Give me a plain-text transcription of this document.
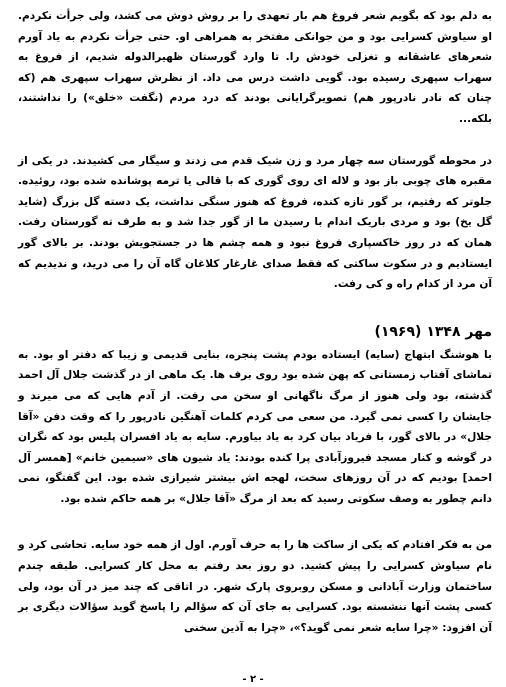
به دلم بود که بگویم شعر فروغ هم بار تعهدی را بر روش دوش می کشد، ولی جرأت نکردم. او سیاوش کسرایی بود و من جوانکی مفتخر به همراهی او. حتی جرأت نکردم به یاد آورم شعرهای عاشقانه و تغزلی خودش را. تا وارد گورستان ظهیرالدوله شدیم، از فروغ به سهراب سپهری رسیده بود. گویی داشت درس می داد. از نظرش سهراب سپهری هم (که چنان که نادر نادرپور هم) تصویرگرایانی بودند که درد مردم (نگفت «خلق») را نداشتند، بلکه...

در محوطه گورستان سه چهار مرد و زن شیک قدم می زدند و سیگار می کشیدند. در یکی از مقبره های چوبی باز بود و لاله ای روی گوری که با قالی یا ترمه پوشانده شده بود، روئیده. جلوتر که رفتیم، بر گور تازه کنده، فروغ که هنوز سنگی نداشت، یک دسته گل بزرگ (شاید گل یخ) بود و مردی باریک اندام با رسیدن ما از گور جدا شد و به طرف ته گورستان رفت. همان که در روز خاکسپاری فروغ نبود و همه چشم ها در جستجویش بودند. بر بالای گور ایستادیم و در سکوت ساکتی که فقط صدای غارغار کلاغان گاه آن را می درید، و ندیدیم که آن مرد از کدام راه و کی رفت.

مهر ۱۳۴۸ (۱۹۶۹)

با هوشنگ ابتهاج (سایه) ایستاده بودم پشت پنجره، بنایی قدیمی و زیبا که دفتر او بود. به تماشای آفتاب زمستانی که پهن شده بود روی برف ها. یک ماهی از در گذشت جلال آل احمد گذشته، بود ولی هنوز از مرگ ناگهانی او سخن می رفت. از آدم هایی که می میرند و جایشان را کسی نمی گیرد. من سعی می کردم کلمات آهنگین نادرپور را که وقت دفن «آقا جلال» در بالای گور، با فریاد بیان کرد به یاد بیاورم. سایه به یاد افسران پلیس بود که نگران در گوشه و کنار مسجد فیروزآبادی پرا کنده بودند: یاد شیون های «سیمین خانم» [همسر آل احمد] بودیم که در آن روزهای سخت، لهجه اش بیشتر شیرازی شده بود. این گفتگو، نمی دانم چطور به وصف سکوتی رسید که بعد از مرگ «آقا جلال» بر همه حاکم شده بود.

من به فکر افتادم که یکی از ساکت ها را به حرف آورم. اول از همه خود سایه. تحاشی کرد و نام سیاوش کسرایی را پیش کشید. دو روز بعد رفتم به محل کار کسرایی. طبقه چندم ساختمان وزارت آبادانی و مسکن روبروی پارک شهر. در اتاقی که چند میز در آن بود، ولی کسی پشت آنها ننشسته بود. کسرایی به جای آن که سؤالم را پاسخ گوید سؤالات دیگری بر آن افزود: «چرا سایه شعر نمی گوید؟»، «چرا به آذین سخنی

- ۲ -
